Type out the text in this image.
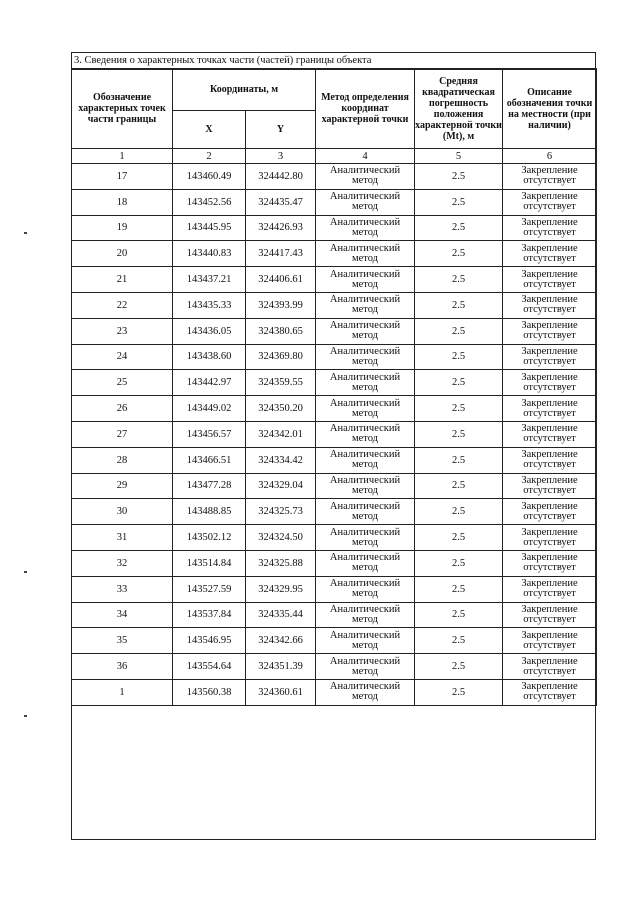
3. Сведения о характерных точках части (частей) границы объекта
Обозначение характерных точек части границы	Координаты, м		Метод определения координат характерной точки	Средняя квадратическая погрешность положения характерной точки (Mt), м	Описание обозначения точки на местности (при наличии)
	X	Y			
1	2	3	4	5	6
17	143460.49	324442.80	Аналитический метод	2.5	Закрепление отсутствует
18	143452.56	324435.47	Аналитический метод	2.5	Закрепление отсутствует
19	143445.95	324426.93	Аналитический метод	2.5	Закрепление отсутствует
20	143440.83	324417.43	Аналитический метод	2.5	Закрепление отсутствует
21	143437.21	324406.61	Аналитический метод	2.5	Закрепление отсутствует
22	143435.33	324393.99	Аналитический метод	2.5	Закрепление отсутствует
23	143436.05	324380.65	Аналитический метод	2.5	Закрепление отсутствует
24	143438.60	324369.80	Аналитический метод	2.5	Закрепление отсутствует
25	143442.97	324359.55	Аналитический метод	2.5	Закрепление отсутствует
26	143449.02	324350.20	Аналитический метод	2.5	Закрепление отсутствует
27	143456.57	324342.01	Аналитический метод	2.5	Закрепление отсутствует
28	143466.51	324334.42	Аналитический метод	2.5	Закрепление отсутствует
29	143477.28	324329.04	Аналитический метод	2.5	Закрепление отсутствует
30	143488.85	324325.73	Аналитический метод	2.5	Закрепление отсутствует
31	143502.12	324324.50	Аналитический метод	2.5	Закрепление отсутствует
32	143514.84	324325.88	Аналитический метод	2.5	Закрепление отсутствует
33	143527.59	324329.95	Аналитический метод	2.5	Закрепление отсутствует
34	143537.84	324335.44	Аналитический метод	2.5	Закрепление отсутствует
35	143546.95	324342.66	Аналитический метод	2.5	Закрепление отсутствует
36	143554.64	324351.39	Аналитический метод	2.5	Закрепление отсутствует
1	143560.38	324360.61	Аналитический метод	2.5	Закрепление отсутствует
